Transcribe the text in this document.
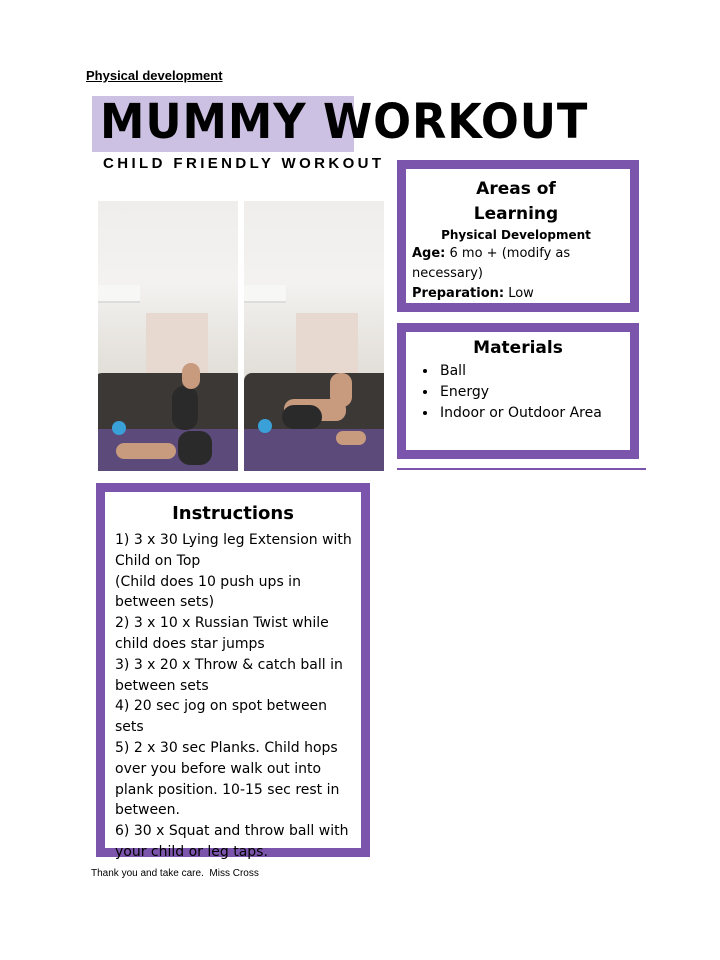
Physical development
MUMMY WORKOUT
CHILD FRIENDLY WORKOUT
Areas of
Learning
Physical Development
Age: 6 mo + (modify as necessary)
Preparation: Low
Materials
• Ball
• Energy
• Indoor or Outdoor Area
Instructions
1) 3 x 30 Lying leg Extension with Child on Top
(Child does 10 push ups in between sets)
2) 3 x 10 x Russian Twist while child does star jumps
3) 3 x 20 x Throw & catch ball in between sets
4) 20 sec jog on spot between sets
5) 2 x 30 sec Planks. Child hops over you before walk out into plank position. 10-15 sec rest in between.
6) 30 x Squat and throw ball with your child or leg taps.
Thank you and take care.  Miss Cross
